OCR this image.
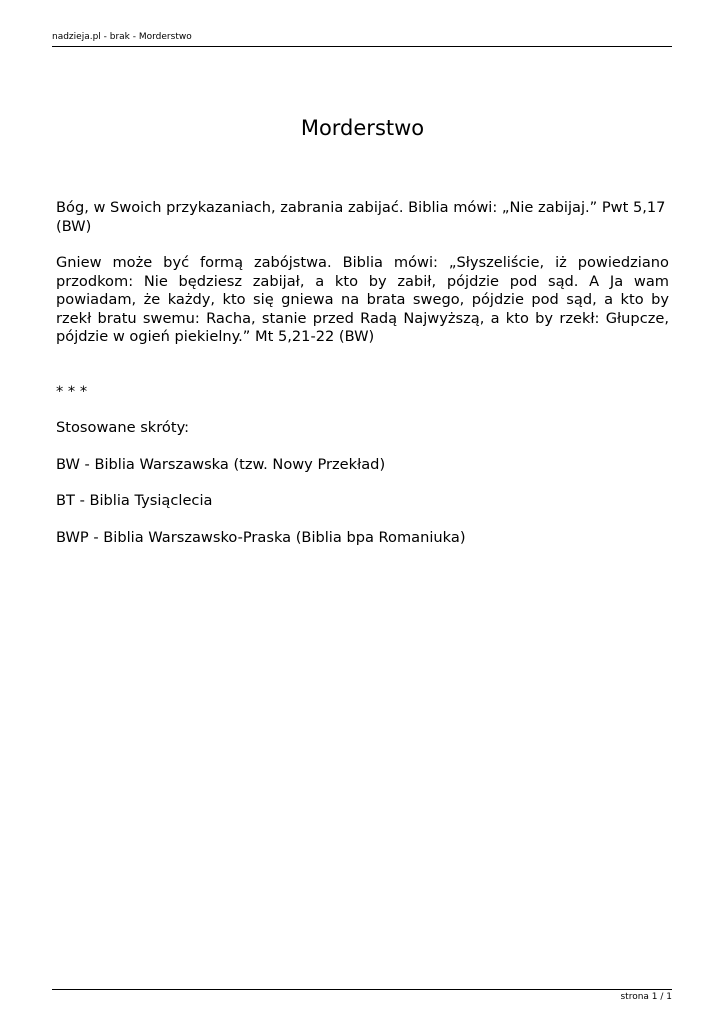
nadzieja.pl - brak - Morderstwo
Morderstwo

Bóg, w Swoich przykazaniach, zabrania zabijać. Biblia mówi: „Nie zabijaj.” Pwt 5,17 (BW)

Gniew może być formą zabójstwa. Biblia mówi: „Słyszeliście, iż powiedziano przodkom: Nie będziesz zabijał, a kto by zabił, pójdzie pod sąd. A Ja wam powiadam, że każdy, kto się gniewa na brata swego, pójdzie pod sąd, a kto by rzekł bratu swemu: Racha, stanie przed Radą Najwyższą, a kto by rzekł: Głupcze, pójdzie w ogień piekielny.” Mt 5,21-22 (BW)

* * *

Stosowane skróty:

BW - Biblia Warszawska (tzw. Nowy Przekład)

BT - Biblia Tysiąclecia

BWP - Biblia Warszawsko-Praska (Biblia bpa Romaniuka)

strona 1 / 1
